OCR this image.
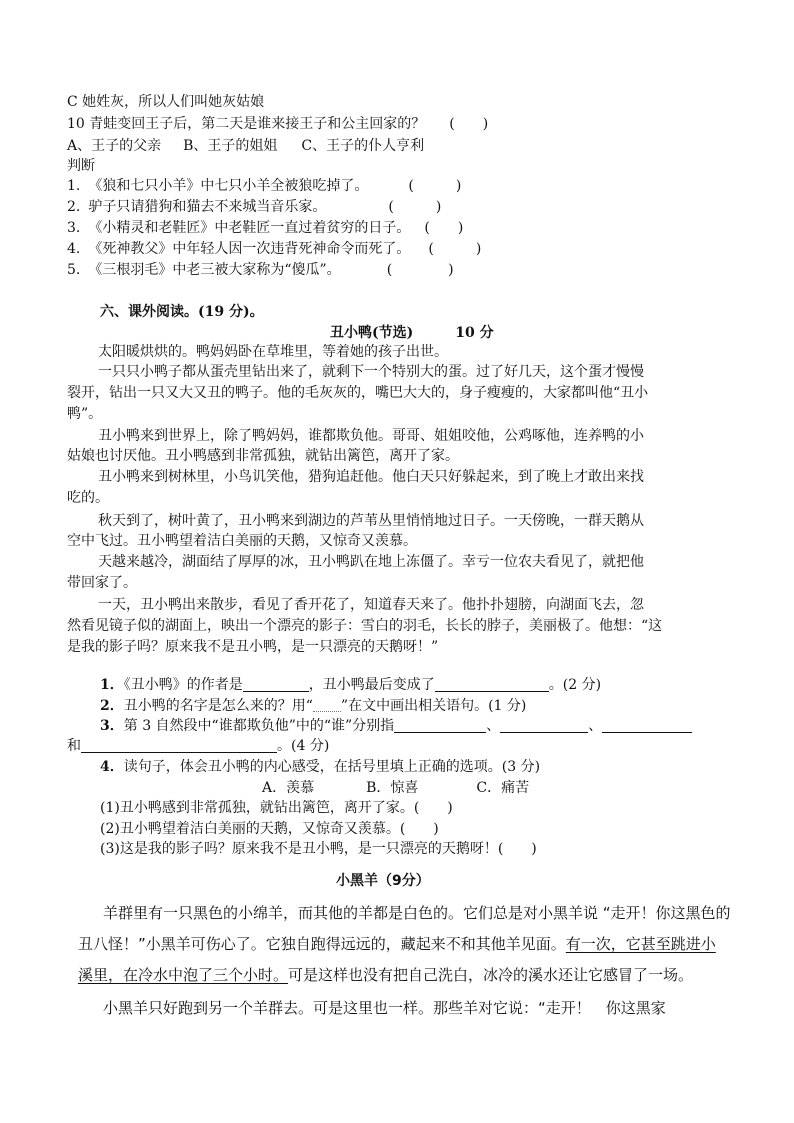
C 她姓灰，所以人们叫她灰姑娘
10 青蛙变回王子后，第二天是谁来接王子和公主回家的？ (　　)
A、王子的父亲 B、王子的姐姐 C、王子的仆人亨利
判断
1. 《狼和七只小羊》中七只小羊全被狼吃掉了。	(　　　)
2. 驴子只请猎狗和猫去不来城当音乐家。	(　　　)
3. 《小精灵和老鞋匠》中老鞋匠一直过着贫穷的日子。 (　　)
4. 《死神教父》中年轻人因一次违背死神命令而死了。 (　　　)
5. 《三根羽毛》中老三被大家称为“傻瓜”。	(　　　　)
六、课外阅读。(19 分)。
丑小鸭(节选)	10 分
太阳暖烘烘的。鸭妈妈卧在草堆里，等着她的孩子出世。
一只只小鸭子都从蛋壳里钻出来了，就剩下一个特别大的蛋。过了好几天，这个蛋才慢慢
裂开，钻出一只又大又丑的鸭子。他的毛灰灰的，嘴巴大大的，身子瘦瘦的，大家都叫他“丑小
鸭”。
丑小鸭来到世界上，除了鸭妈妈，谁都欺负他。哥哥、姐姐咬他，公鸡啄他，连养鸭的小
姑娘也讨厌他。丑小鸭感到非常孤独，就钻出篱笆，离开了家。
丑小鸭来到树林里，小鸟讥笑他，猎狗追赶他。他白天只好躲起来，到了晚上才敢出来找
吃的。
秋天到了，树叶黄了，丑小鸭来到湖边的芦苇丛里悄悄地过日子。一天傍晚，一群天鹅从
空中飞过。丑小鸭望着洁白美丽的天鹅，又惊奇又羡慕。
天越来越冷，湖面结了厚厚的冰，丑小鸭趴在地上冻僵了。幸亏一位农夫看见了，就把他
带回家了。
一天，丑小鸭出来散步，看见了香开花了，知道春天来了。他扑扑翅膀，向湖面飞去，忽
然看见镜子似的湖面上，映出一个漂亮的影子：雪白的羽毛，长长的脖子，美丽极了。他想：“这
是我的影子吗？原来我不是丑小鸭，是一只漂亮的天鹅呀！”
1．《丑小鸭》的作者是	，丑小鸭最后变成了	。(2 分)
2．丑小鸭的名字是怎么来的？用“ ”在文中画出相关语句。(1 分)
3．第 3 自然段中“谁都欺负他”中的“谁”分别指	、	、
和	。(4 分)
4．读句子，体会丑小鸭的内心感受，在括号里填上正确的选项。(3 分)
A．羡慕	B．惊喜	C．痛苦
(1)丑小鸭感到非常孤独，就钻出篱笆，离开了家。(　　)
(2)丑小鸭望着洁白美丽的天鹅，又惊奇又羡慕。(　　)
(3)这是我的影子吗？原来我不是丑小鸭，是一只漂亮的天鹅呀！(　　)
小黑羊（9分）
羊群里有一只黑色的小绵羊，而其他的羊都是白色的。它们总是对小黑羊说 “走开！你这黑色的
丑八怪！”小黑羊可伤心了。它独自跑得远远的，藏起来不和其他羊见面。有一次，它甚至跳进小
溪里，在冷水中泡了三个小时。可是这样也没有把自己洗白，冰冷的溪水还让它感冒了一场。
小黑羊只好跑到另一个羊群去。可是这里也一样。那些羊对它说：“走开！　你这黑家
